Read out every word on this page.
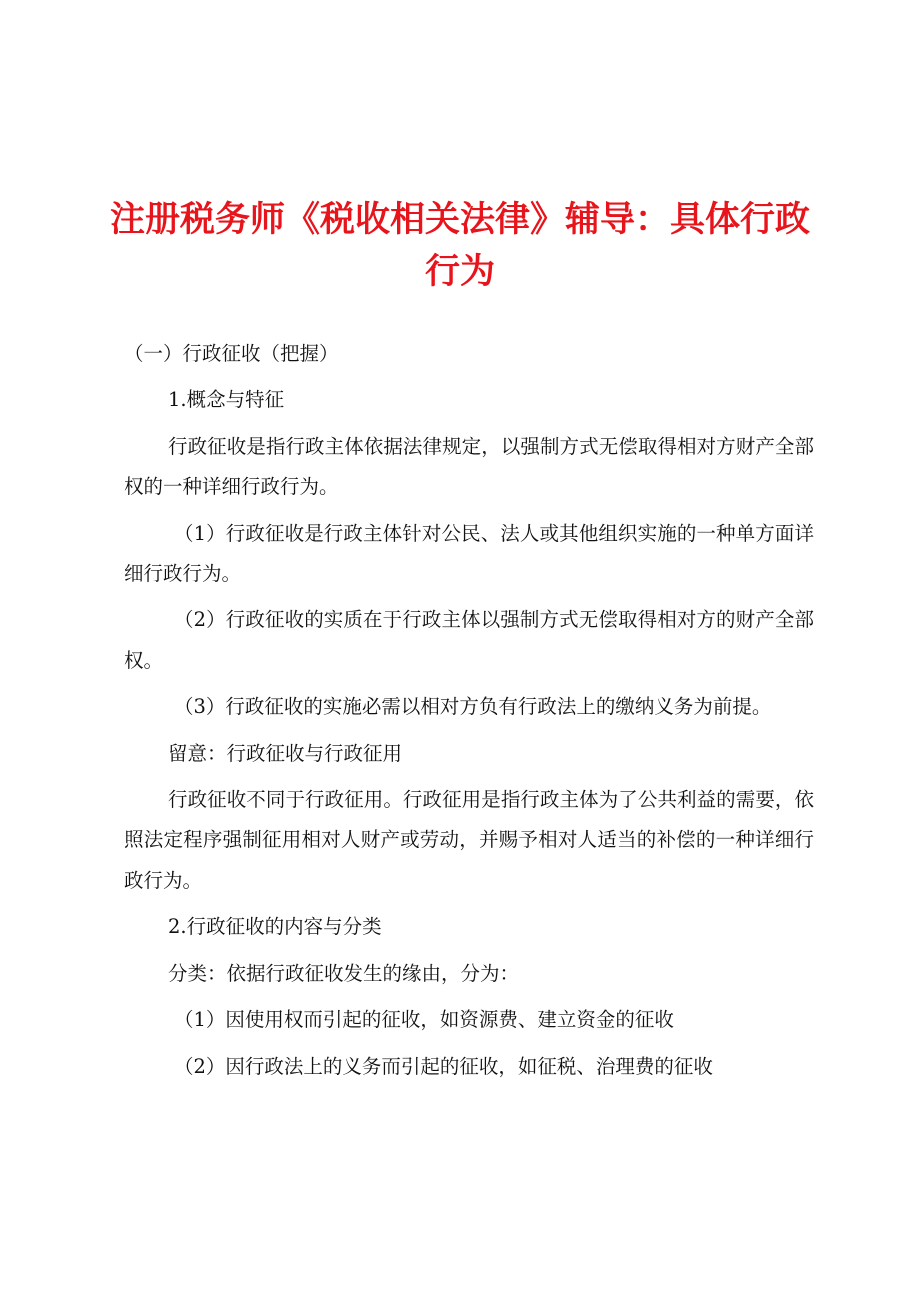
注册税务师《税收相关法律》辅导：具体行政
行为

（一）行政征收（把握）

1.概念与特征

行政征收是指行政主体依据法律规定，以强制方式无偿取得相对方财产全部权的一种详细行政行为。

（1）行政征收是行政主体针对公民、法人或其他组织实施的一种单方面详细行政行为。

（2）行政征收的实质在于行政主体以强制方式无偿取得相对方的财产全部权。

（3）行政征收的实施必需以相对方负有行政法上的缴纳义务为前提。

留意：行政征收与行政征用

行政征收不同于行政征用。行政征用是指行政主体为了公共利益的需要，依照法定程序强制征用相对人财产或劳动，并赐予相对人适当的补偿的一种详细行政行为。

2.行政征收的内容与分类

分类：依据行政征收发生的缘由，分为：

（1）因使用权而引起的征收，如资源费、建立资金的征收

（2）因行政法上的义务而引起的征收，如征税、治理费的征收
